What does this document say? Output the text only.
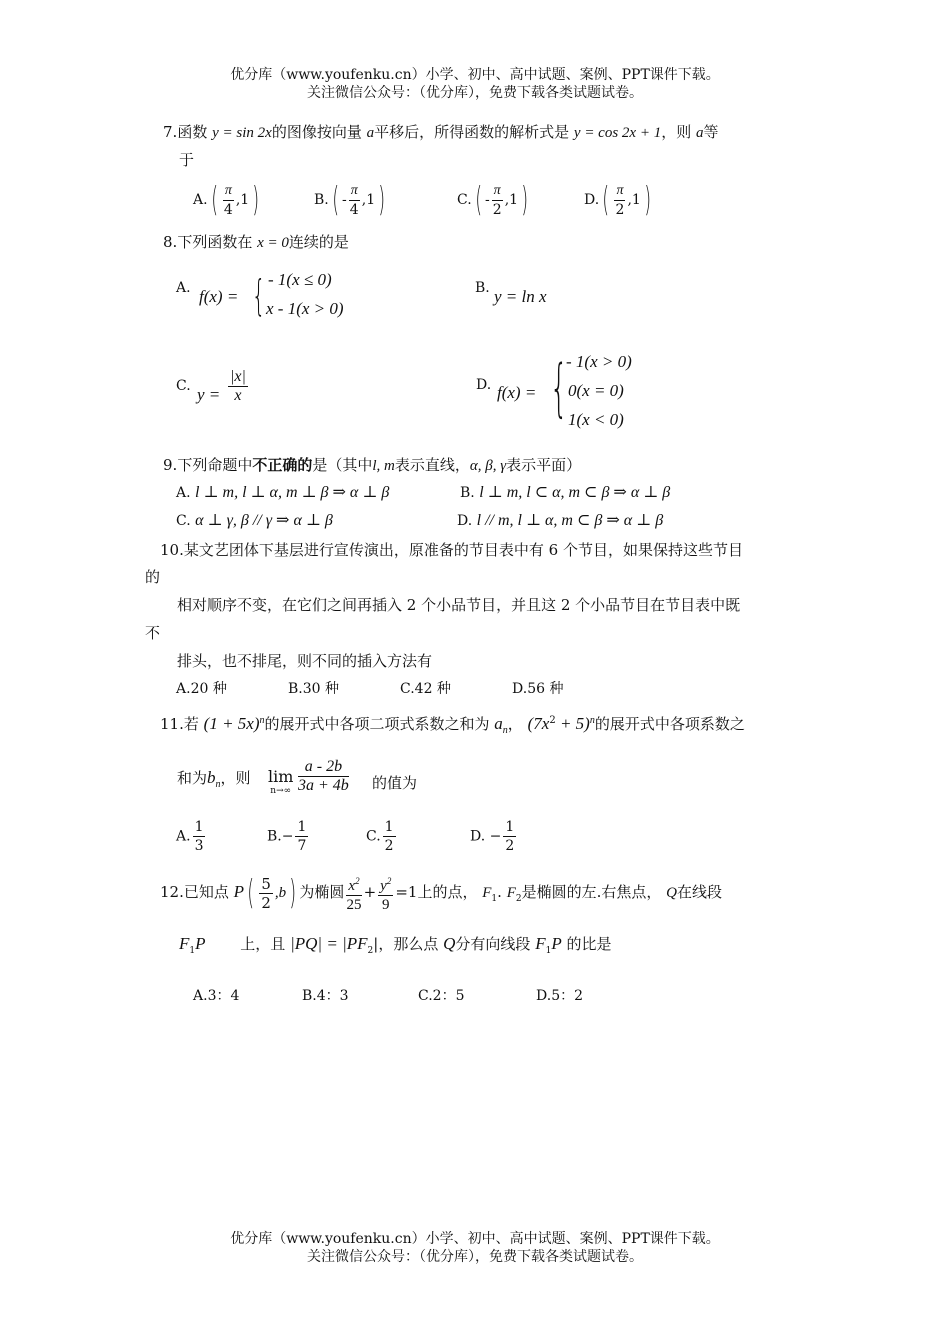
优分库（www.youfenku.cn）小学、初中、高中试题、案例、PPT课件下载。
关注微信公众号：（优分库），免费下载各类试题试卷。
7.函数 y = sin 2x的图像按向量 a平移后，所得函数的解析式是 y = cos 2x + 1，则 a等
于
$A.( \frac{\pi}{4} ,1)$	$B.( - \frac{\pi}{4} ,1)$	$C.( - \frac{\pi}{2} ,1)$	$D.( \frac{\pi}{2} ,1)$
8.下列函数在 x = 0连续的是
A. f(x) = { - 1(x ≤ 0)
x - 1(x > 0)
B. y = ln x
C. $y = \frac{|x|}{x}$	D. f(x) = {
- 1(x > 0)
0(x = 0)
1(x < 0)
9.下列命题中不正确的是（其中l, m表示直线，α, β, γ表示平面）
A. l ⊥ m, l ⊥ α, m ⊥ β ⇒ α ⊥ β	B. l ⊥ m, l ⊂ α, m ⊂ β ⇒ α ⊥ β
C. α ⊥ γ, β // γ ⇒ α ⊥ β	D. l // m, l ⊥ α, m ⊂ β ⇒ α ⊥ β
10.某文艺团体下基层进行宣传演出，原准备的节目表中有 6 个节目，如果保持这些节目
的
相对顺序不变，在它们之间再插入 2 个小品节目，并且这 2 个小品节目在节目表中既
不
排头，也不排尾，则不同的插入方法有
A.20 种	B.30 种	C.42 种	D.56 种
11.若 $(1 + 5x)^n$的展开式中各项二项式系数之和为 $a_n$， $(7x^2 + 5)^n$的展开式中各项系数之
和为$b_n$，则 lim
$n\to\infty \frac{a - 2b}{3a + 4b}$ 的值为
A. $\frac{1}{3}$	$B.- \frac{1}{7}$	C. $\frac{1}{2}$	D. − $\frac{1}{2}$
12.已知点 $P( \frac{5}{2} ,b)$ 为椭圆 $\frac{x^2}{25} + \frac{y^2}{9} =1$上的点， $F_1$. $F_2$是椭圆的左.右焦点， Q在线段
$F_1P$ 上，且 $|PQ| = |PF_2|$，那么点 Q分有向线段 $F_1P$ 的比是
A.3：4	B.4：3	C.2：5	D.5：2
优分库（www.youfenku.cn）小学、初中、高中试题、案例、PPT课件下载。
关注微信公众号：（优分库），免费下载各类试题试卷。
